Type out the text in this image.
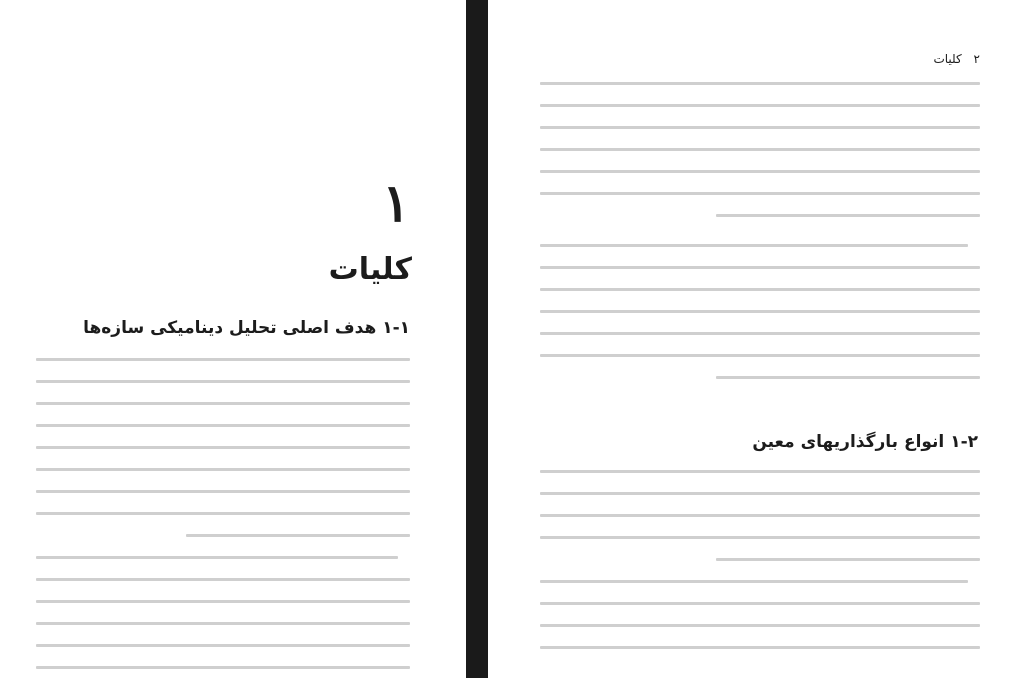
۱
کلیات
۱-۱ هدف اصلی تحلیل دینامیکی سازه‌ها
۲ کلیات
۱-۲ انواع بارگذاریهای معین
